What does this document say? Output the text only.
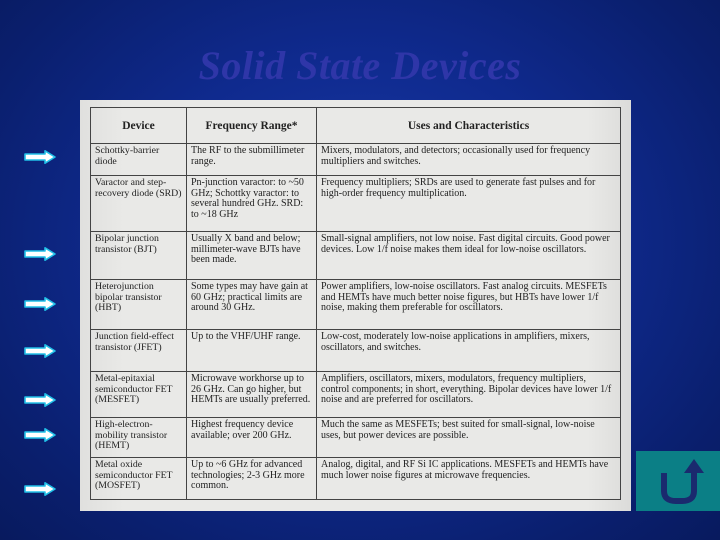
Solid State Devices
Device	Frequency Range*	Uses and Characteristics
Schottky-barrier diode	The RF to the submillimeter range.	Mixers, modulators, and detectors; occasionally used for frequency multipliers and switches.
Varactor and step-recovery diode (SRD)	Pn-junction varactor: to ~50 GHz; Schottky varactor: to several hundred GHz. SRD: to ~18 GHz	Frequency multipliers; SRDs are used to generate fast pulses and for high-order frequency multiplication.
Bipolar junction transistor (BJT)	Usually X band and below; millimeter-wave BJTs have been made.	Small-signal amplifiers, not low noise. Fast digital circuits. Good power devices. Low 1/f noise makes them ideal for low-noise oscillators.
Heterojunction bipolar transistor (HBT)	Some types may have gain at 60 GHz; practical limits are around 30 GHz.	Power amplifiers, low-noise oscillators. Fast analog circuits. MESFETs and HEMTs have much better noise figures, but HBTs have lower 1/f noise, making them preferable for oscillators.
Junction field-effect transistor (JFET)	Up to the VHF/UHF range.	Low-cost, moderately low-noise applications in amplifiers, mixers, oscillators, and switches.
Metal-epitaxial semiconductor FET (MESFET)	Microwave workhorse up to 26 GHz. Can go higher, but HEMTs are usually preferred.	Amplifiers, oscillators, mixers, modulators, frequency multipliers, control components; in short, everything. Bipolar devices have lower 1/f noise and are preferred for oscillators.
High-electron-mobility transistor (HEMT)	Highest frequency device available; over 200 GHz.	Much the same as MESFETs; best suited for small-signal, low-noise uses, but power devices are possible.
Metal oxide semiconductor FET (MOSFET)	Up to ~6 GHz for advanced technologies; 2-3 GHz more common.	Analog, digital, and RF Si IC applications. MESFETs and HEMTs have much lower noise figures at microwave frequencies.
